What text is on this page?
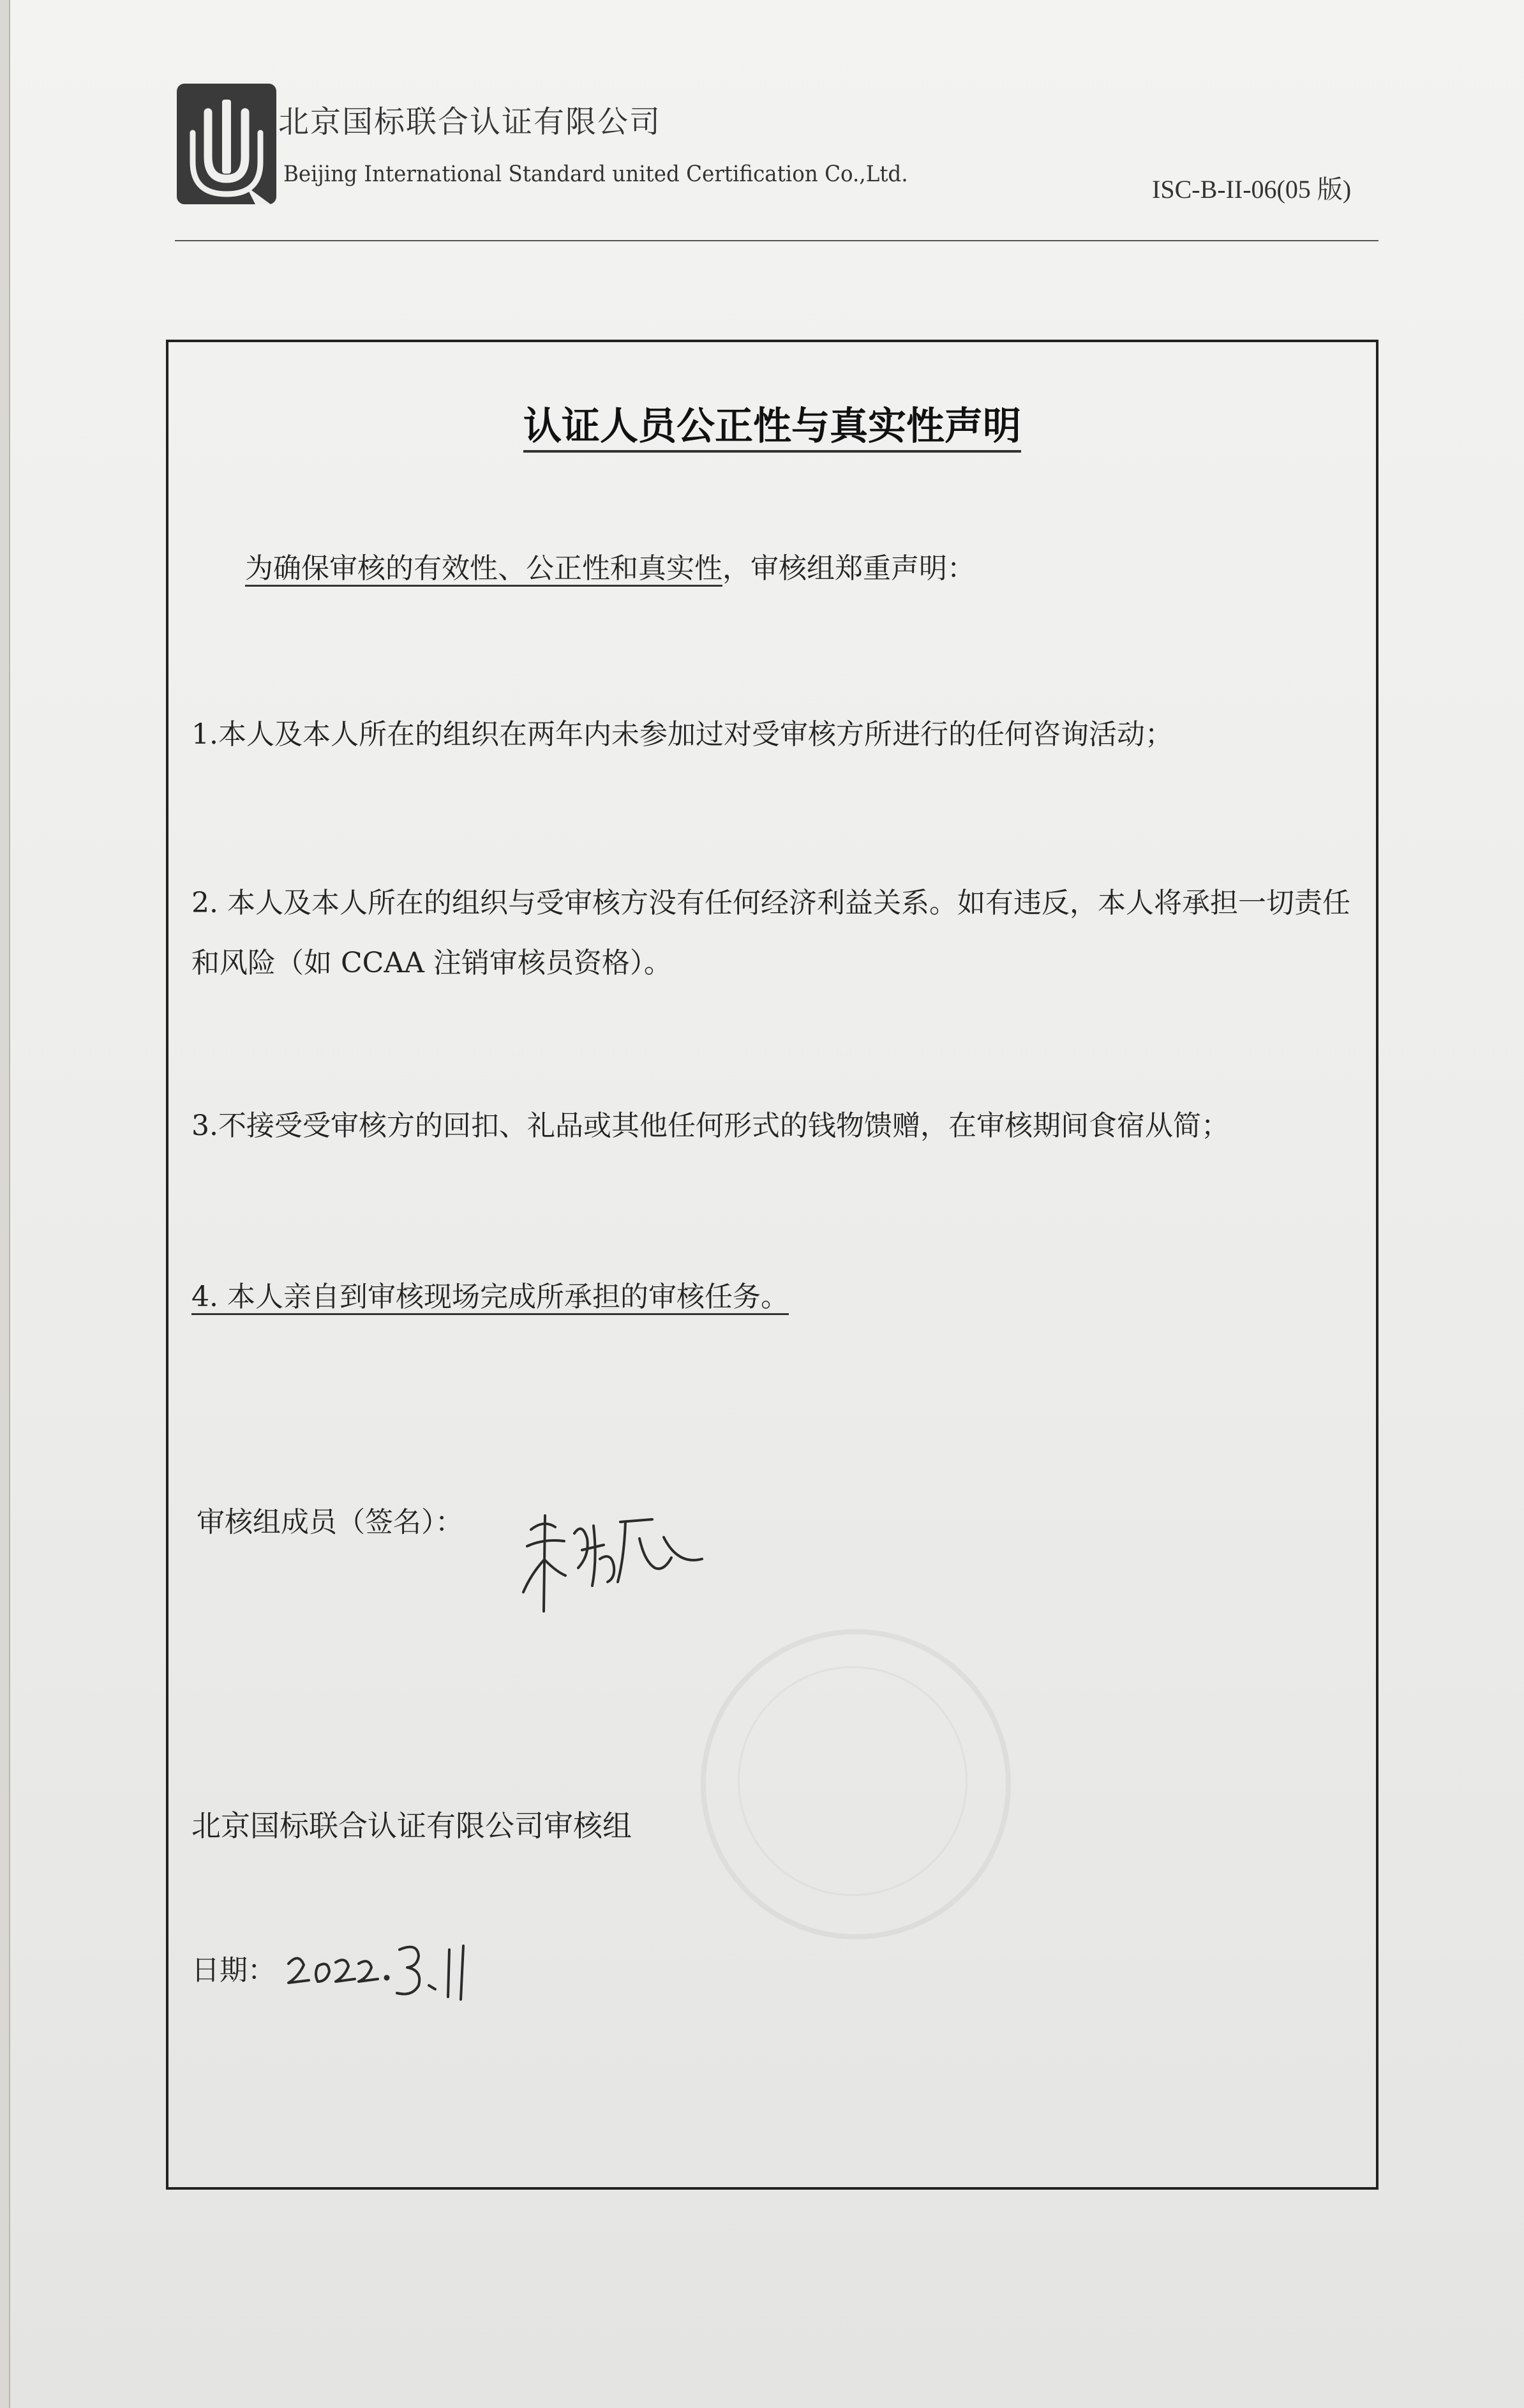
北京国标联合认证有限公司
Beijing International Standard united Certification Co.,Ltd.
ISC-B-II-06(05 版)
认证人员公正性与真实性声明
为确保审核的有效性、公正性和真实性，审核组郑重声明：
1.本人及本人所在的组织在两年内未参加过对受审核方所进行的任何咨询活动；
2. 本人及本人所在的组织与受审核方没有任何经济利益关系。如有违反，本人将承担一切责任和风险（如 CCAA 注销审核员资格）。
3.不接受受审核方的回扣、礼品或其他任何形式的钱物馈赠，在审核期间食宿从简；
4. 本人亲自到审核现场完成所承担的审核任务。
审核组成员（签名）：
北京国标联合认证有限公司审核组
日期：
